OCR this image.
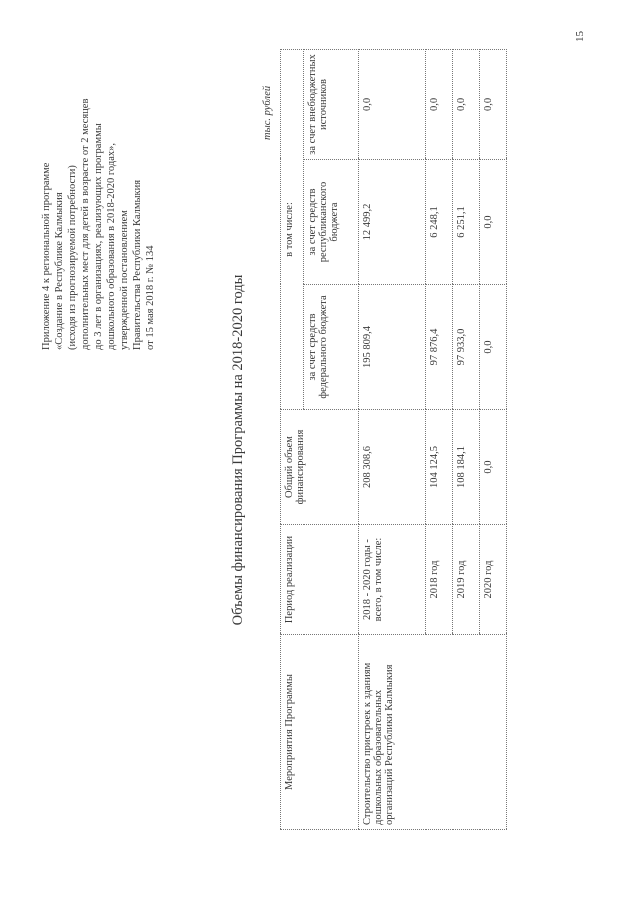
15
Приложение 4 к региональной программе «Создание в Республике Калмыкия (исходя из прогнозируемой потребности) дополнительных мест для детей в возрасте от 2 месяцев до 3 лет в организациях, реализующих программы дошкольного образования в 2018-2020 годах», утвержденной постановлением Правительства Республики Калмыкия от 15 мая 2018 г. № 134	Объемы финансирования Программы на 2018-2020 годы
тыс. рублей
Мероприятия Программы	Период реализации	Общий объем финансирования	в том числе:		
			за счет средств федерального бюджета	за счет средств республиканского бюджета	за счет внебюджетных источников
Строительство пристроек к зданиям дошкольных образовательных организаций Республики Калмыкия	2018 - 2020 годы - всего, в том числе:	208 308,6	195 809,4	12 499,2	0,0
	2018 год	104 124,5	97 876,4	6 248,1	0,0
	2019 год	108 184,1	97 933,0	6 251,1	0,0
	2020 год	0,0	0,0	0,0	0,0
